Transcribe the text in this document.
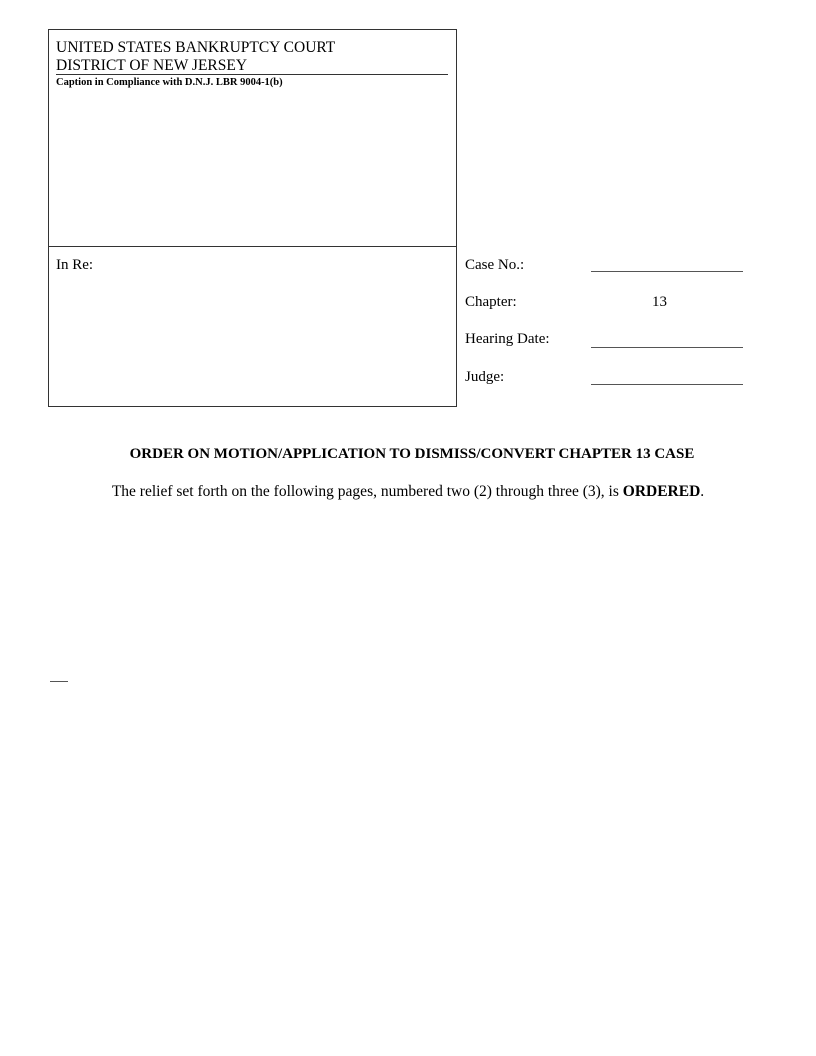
UNITED STATES BANKRUPTCY COURT
DISTRICT OF NEW JERSEY
Caption in Compliance with D.N.J. LBR 9004-1(b)
In Re:	Case No.:
Chapter:	13
Hearing Date:
Judge:
ORDER ON MOTION/APPLICATION TO DISMISS/CONVERT CHAPTER 13 CASE
The relief set forth on the following pages, numbered two (2) through three (3), is ORDERED.
